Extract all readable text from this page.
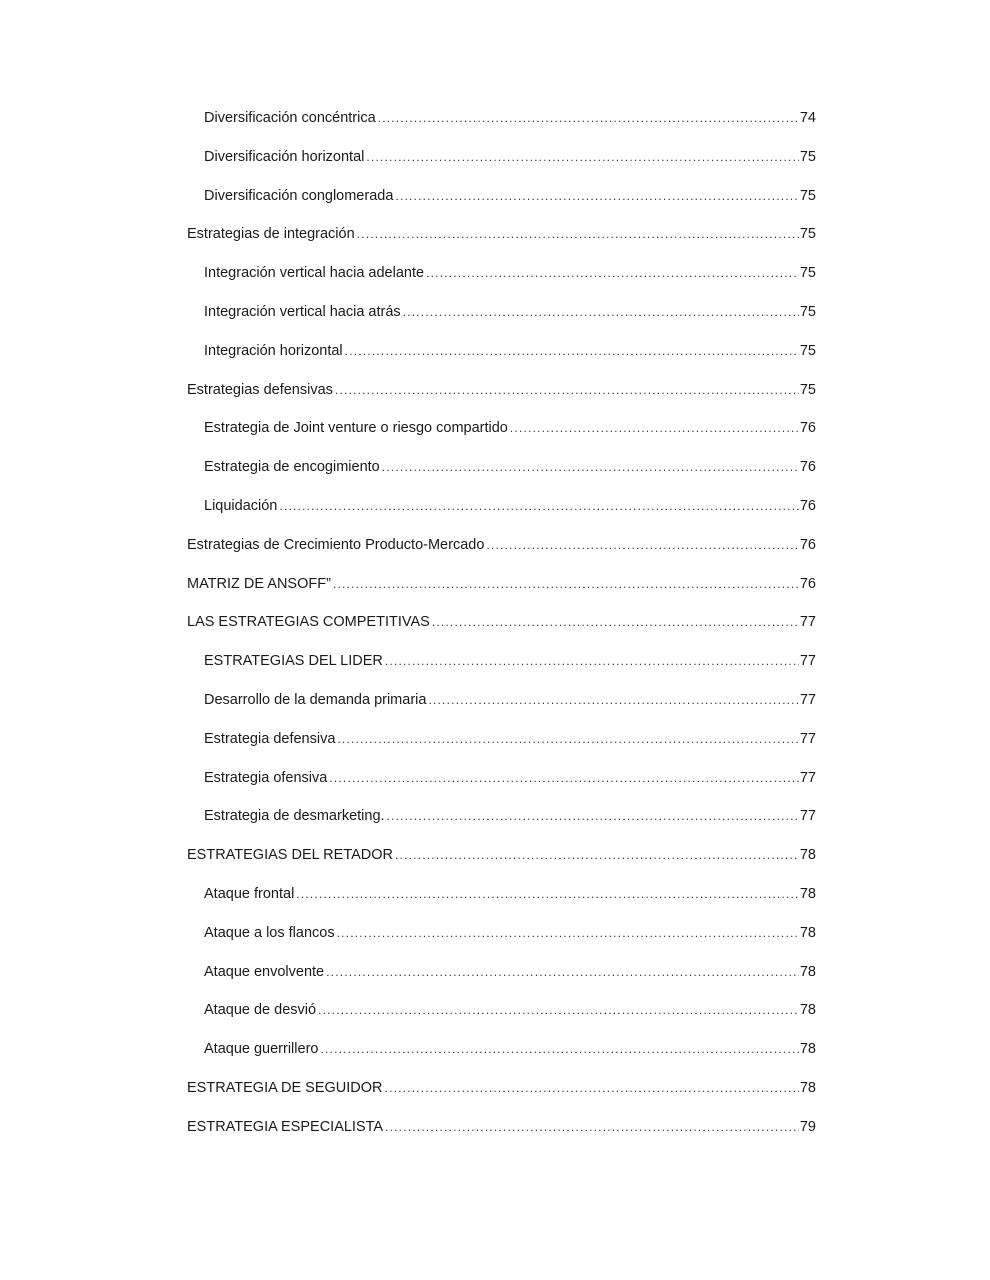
Diversificación concéntrica .....	74
Diversificación horizontal .....	75
Diversificación conglomerada .....	75
Estrategias de integración .....	75
Integración vertical hacia adelante .....	75
Integración vertical hacia atrás .....	75
Integración horizontal .....	75
Estrategias defensivas .....	75
Estrategia de Joint venture o riesgo compartido .....	76
Estrategia de encogimiento .....	76
Liquidación .....	76
Estrategias de Crecimiento Producto-Mercado .....	76
MATRIZ DE ANSOFF” .....	76
LAS ESTRATEGIAS COMPETITIVAS .....	77
ESTRATEGIAS DEL LIDER .....	77
Desarrollo de la demanda primaria .....	77
Estrategia defensiva .....	77
Estrategia ofensiva .....	77
Estrategia de desmarketing. .....	77
ESTRATEGIAS DEL RETADOR .....	78
Ataque frontal .....	78
Ataque a los flancos .....	78
Ataque envolvente .....	78
Ataque de desvió .....	78
Ataque guerrillero .....	78
ESTRATEGIA DE SEGUIDOR .....	78
ESTRATEGIA ESPECIALISTA .....	79
